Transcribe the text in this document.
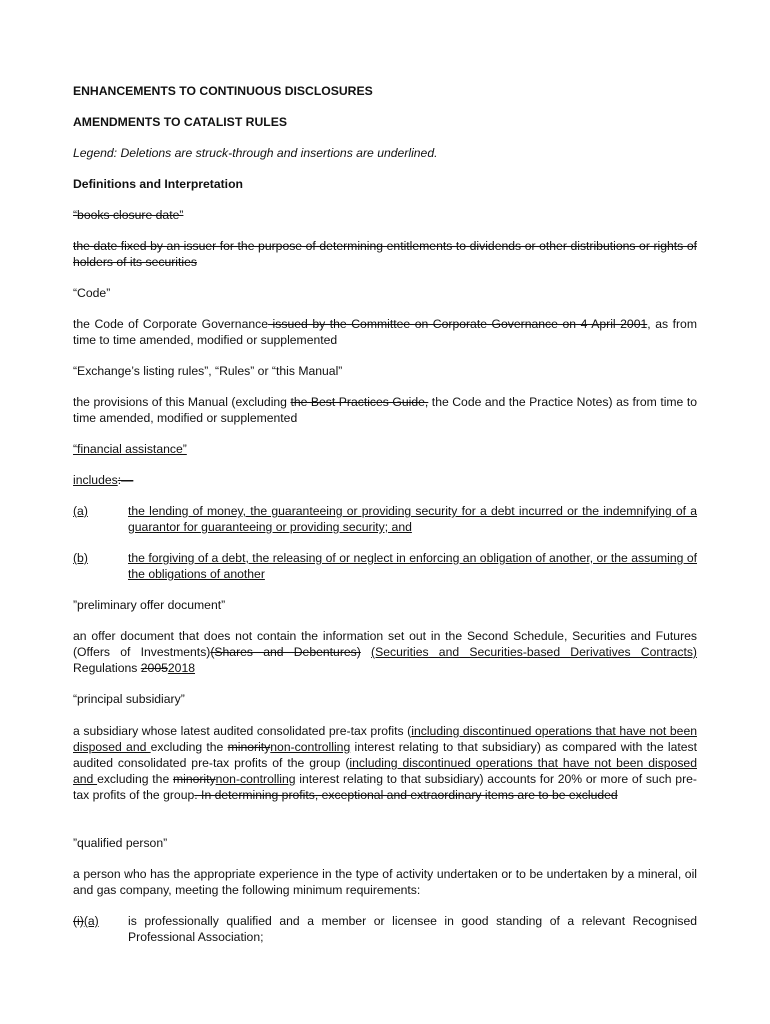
ENHANCEMENTS TO CONTINUOUS DISCLOSURES

AMENDMENTS TO CATALIST RULES

Legend: Deletions are struck-through and insertions are underlined.

Definitions and Interpretation

“books closure date”

the date fixed by an issuer for the purpose of determining entitlements to dividends or other distributions or rights of holders of its securities

“Code”

the Code of Corporate Governance issued by the Committee on Corporate Governance on 4 April 2001, as from time to time amended, modified or supplemented

“Exchange’s listing rules”, “Rules” or “this Manual”

the provisions of this Manual (excluding the Best Practices Guide, the Code and the Practice Notes) as from time to time amended, modified or supplemented

“financial assistance”

includes:—

(a)	the lending of money, the guaranteeing or providing security for a debt incurred or the indemnifying of a guarantor for guaranteeing or providing security; and
(b)	the forgiving of a debt, the releasing of or neglect in enforcing an obligation of another, or the assuming of the obligations of another

”preliminary offer document”

an offer document that does not contain the information set out in the Second Schedule, Securities and Futures (Offers of Investments)(Shares and Debentures) (Securities and Securities-based Derivatives Contracts) Regulations 20052018

“principal subsidiary”

a subsidiary whose latest audited consolidated pre-tax profits (including discontinued operations that have not been disposed and excluding the minoritynon-controlling interest relating to that subsidiary) as compared with the latest audited consolidated pre-tax profits of the group (including discontinued operations that have not been disposed and excluding the minoritynon-controlling interest relating to that subsidiary) accounts for 20% or more of such pre-tax profits of the group. In determining profits, exceptional and extraordinary items are to be excluded

”qualified person”

a person who has the appropriate experience in the type of activity undertaken or to be undertaken by a mineral, oil and gas company, meeting the following minimum requirements:

(i)(a)	is professionally qualified and a member or licensee in good standing of a relevant Recognised Professional Association;
